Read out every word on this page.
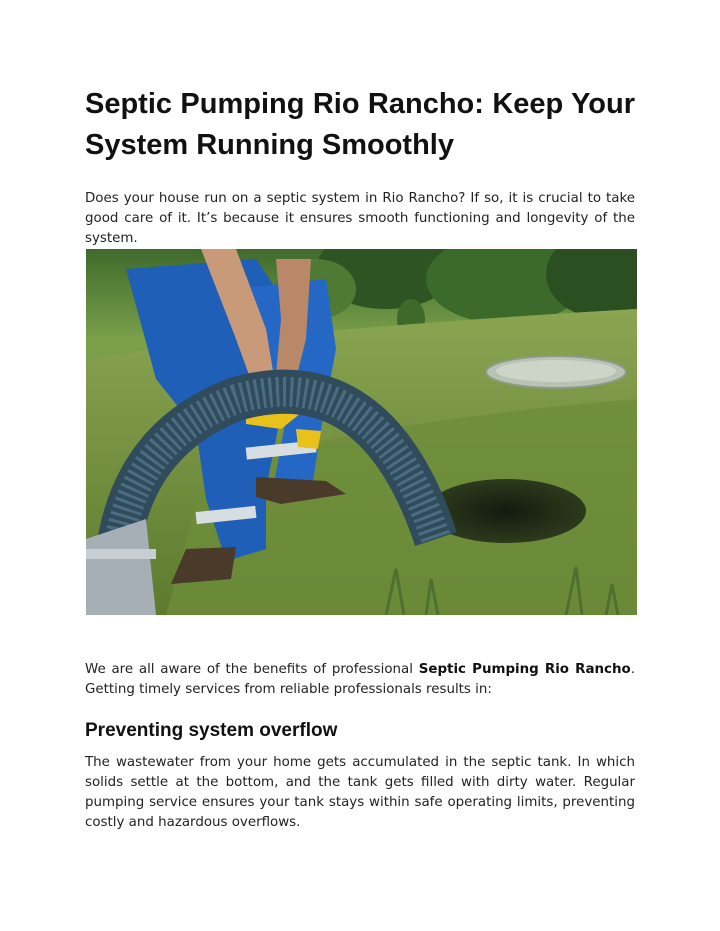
Septic Pumping Rio Rancho: Keep Your System Running Smoothly

Does your house run on a septic system in Rio Rancho? If so, it is crucial to take good care of it. It’s because it ensures smooth functioning and longevity of the system.

We are all aware of the benefits of professional Septic Pumping Rio Rancho. Getting timely services from reliable professionals results in:

Preventing system overflow

The wastewater from your home gets accumulated in the septic tank. In which solids settle at the bottom, and the tank gets filled with dirty water. Regular pumping service ensures your tank stays within safe operating limits, preventing costly and hazardous overflows.
